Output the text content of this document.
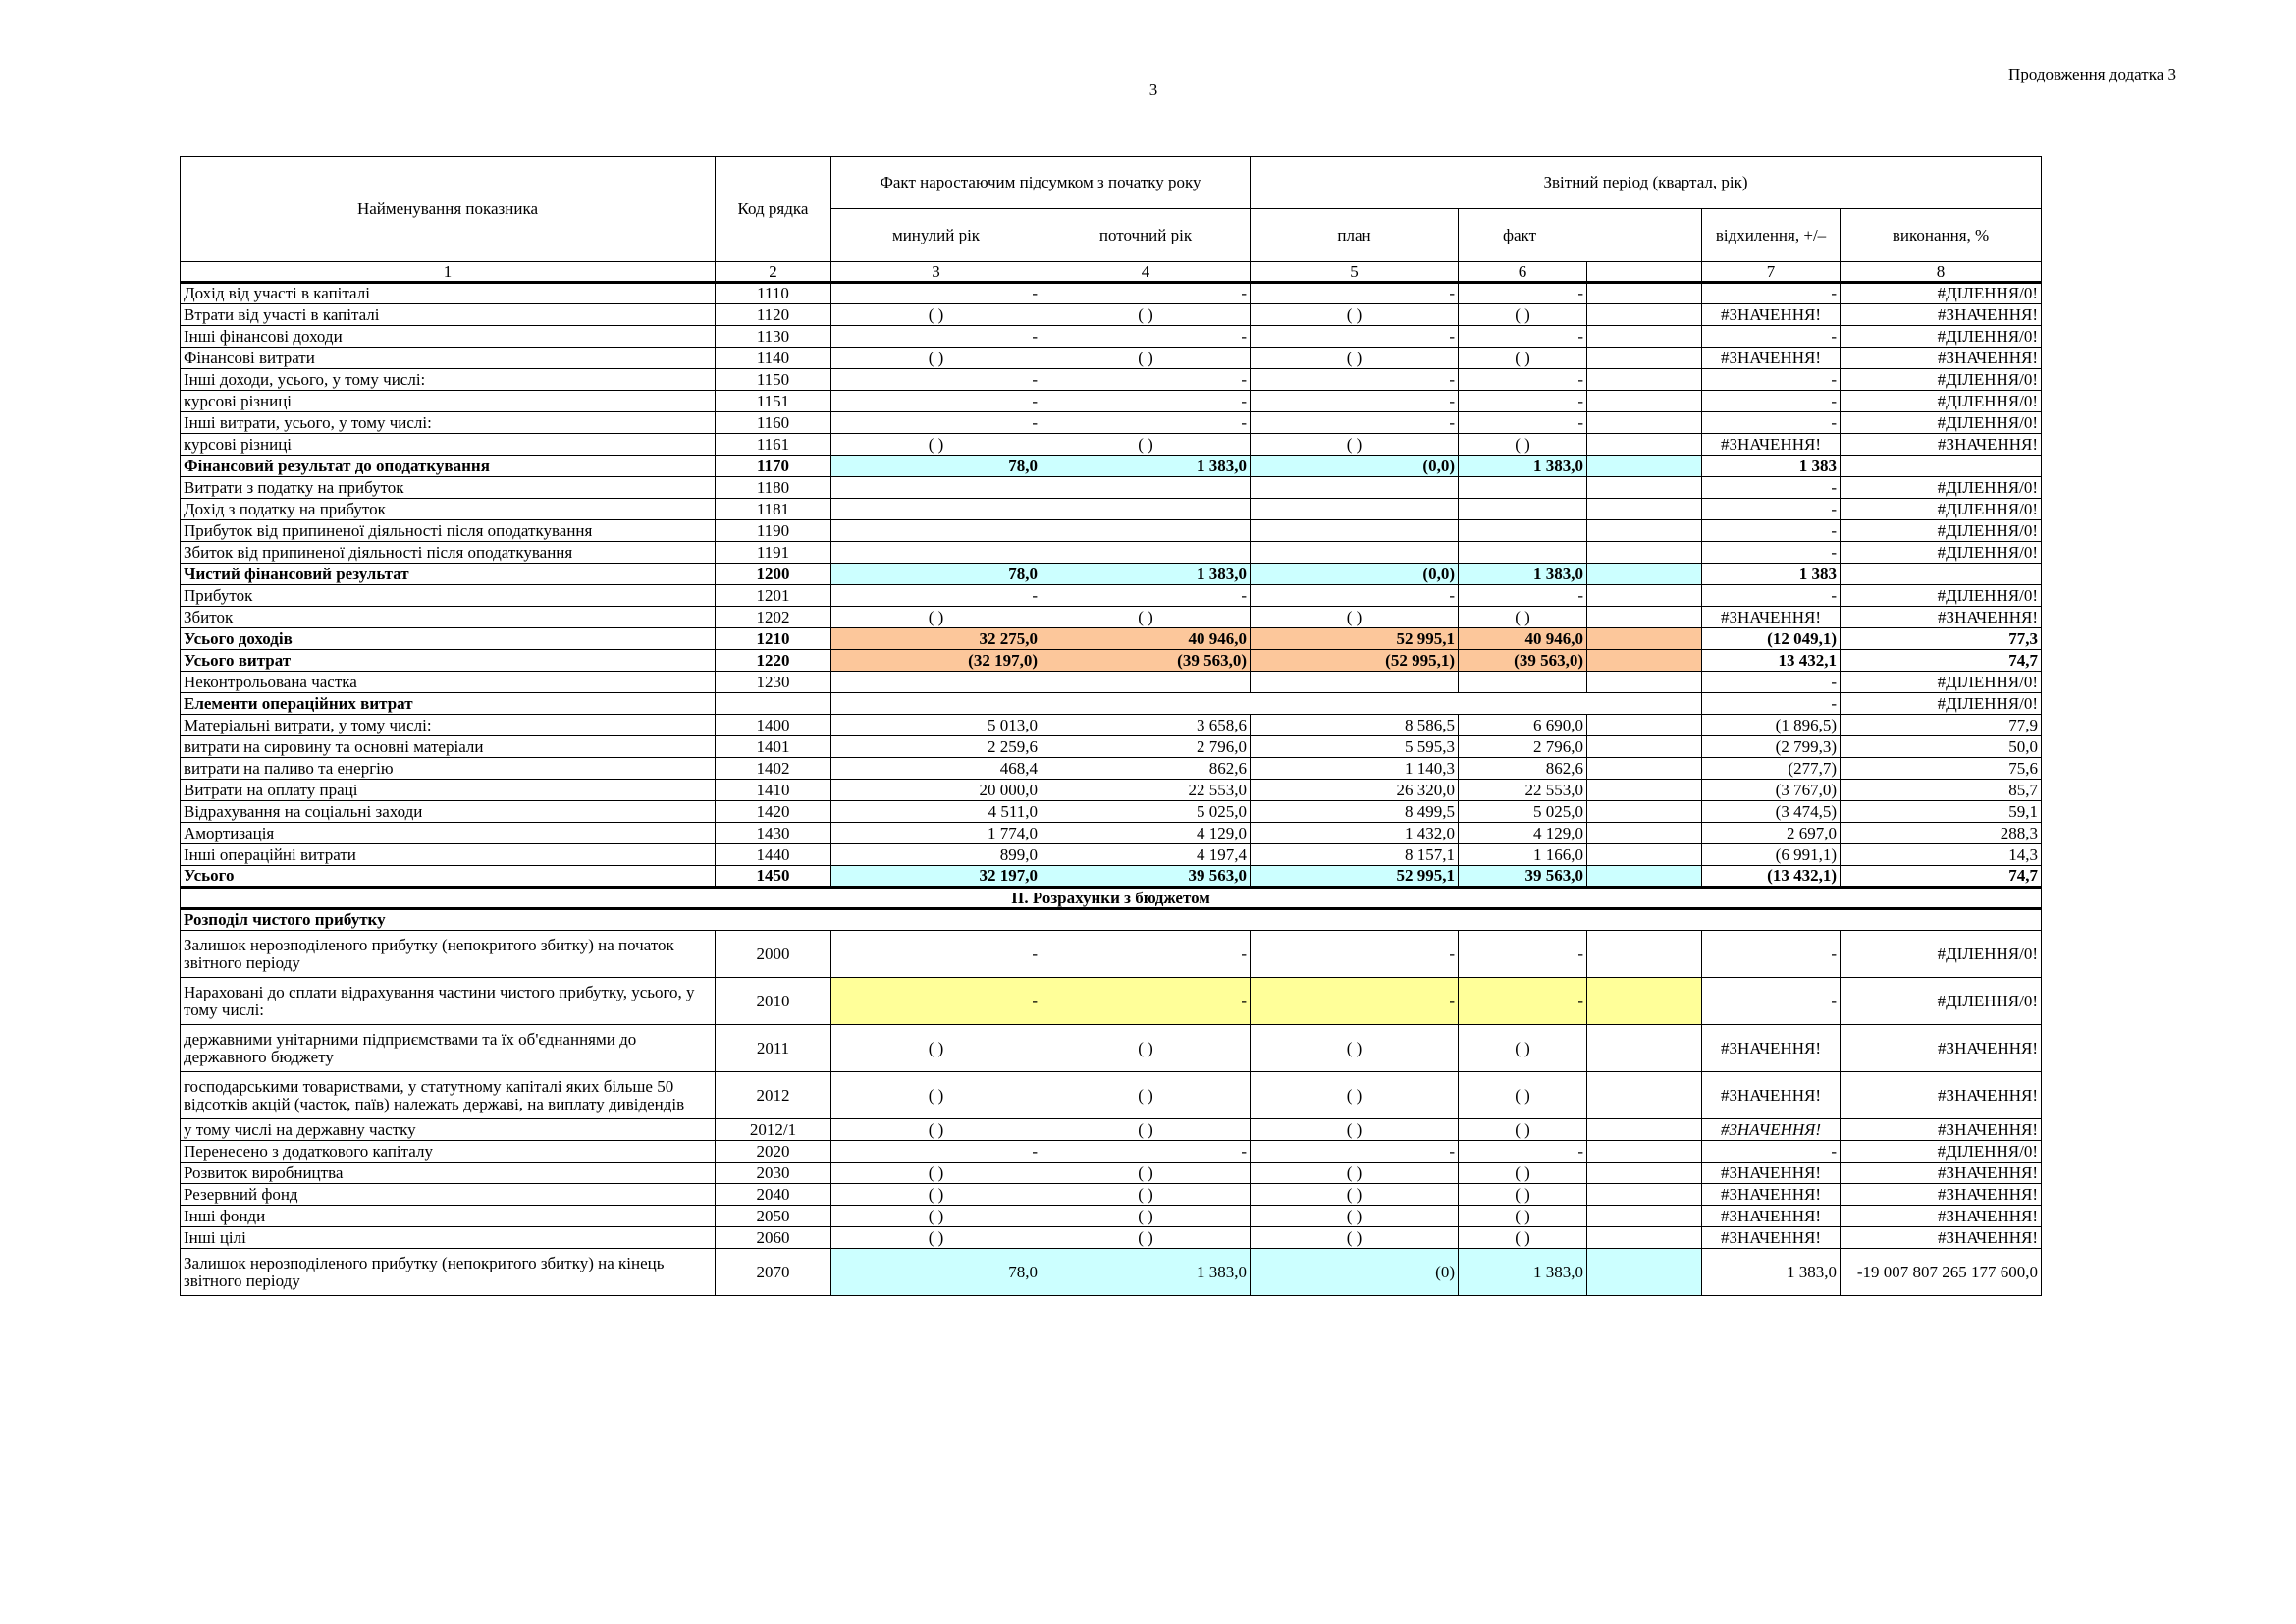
3
Продовження додатка 3
Найменування показника	Код рядка	Факт наростаючим підсумком з початку року		Звітний період (квартал, рік)				
		минулий рік	поточний рік	план	факт		відхилення, +/–	виконання, %
1	2	3	4	5	6		7	8
Дохід від участі в капіталі	1110	-	-	-	-		-	#ДІЛЕННЯ/0!
Втрати від участі в капіталі	1120	( )	( )	( )	( )		#ЗНАЧЕННЯ!	#ЗНАЧЕННЯ!
Інші фінансові доходи	1130	-	-	-	-		-	#ДІЛЕННЯ/0!
Фінансові витрати	1140	( )	( )	( )	( )		#ЗНАЧЕННЯ!	#ЗНАЧЕННЯ!
Інші доходи, усього, у тому числі:	1150	-	-	-	-		-	#ДІЛЕННЯ/0!
курсові різниці	1151	-	-	-	-		-	#ДІЛЕННЯ/0!
Інші витрати, усього, у тому числі:	1160	-	-	-	-		-	#ДІЛЕННЯ/0!
курсові різниці	1161	( )	( )	( )	( )		#ЗНАЧЕННЯ!	#ЗНАЧЕННЯ!
Фінансовий результат до оподаткування	1170	78,0	1 383,0	(0,0)	1 383,0		1 383	
Витрати з податку на прибуток	1180						-	#ДІЛЕННЯ/0!
Дохід з податку на прибуток	1181						-	#ДІЛЕННЯ/0!
Прибуток від припиненої діяльності після оподаткування	1190						-	#ДІЛЕННЯ/0!
Збиток від припиненої діяльності після оподаткування	1191						-	#ДІЛЕННЯ/0!
Чистий фінансовий результат	1200	78,0	1 383,0	(0,0)	1 383,0		1 383	
Прибуток	1201	-	-	-	-		-	#ДІЛЕННЯ/0!
Збиток	1202	( )	( )	( )	( )		#ЗНАЧЕННЯ!	#ЗНАЧЕННЯ!
Усього доходів	1210	32 275,0	40 946,0	52 995,1	40 946,0		(12 049,1)	77,3
Усього витрат	1220	(32 197,0)	(39 563,0)	(52 995,1)	(39 563,0)		13 432,1	74,7
Неконтрольована частка	1230						-	#ДІЛЕННЯ/0!
Елементи операційних витрат							-	#ДІЛЕННЯ/0!
Матеріальні витрати, у тому числі:	1400	5 013,0	3 658,6	8 586,5	6 690,0		(1 896,5)	77,9
витрати на сировину та основні матеріали	1401	2 259,6	2 796,0	5 595,3	2 796,0		(2 799,3)	50,0
витрати на паливо та енергію	1402	468,4	862,6	1 140,3	862,6		(277,7)	75,6
Витрати на оплату праці	1410	20 000,0	22 553,0	26 320,0	22 553,0		(3 767,0)	85,7
Відрахування на соціальні заходи	1420	4 511,0	5 025,0	8 499,5	5 025,0		(3 474,5)	59,1
Амортизація	1430	1 774,0	4 129,0	1 432,0	4 129,0		2 697,0	288,3
Інші операційні витрати	1440	899,0	4 197,4	8 157,1	1 166,0		(6 991,1)	14,3
Усього	1450	32 197,0	39 563,0	52 995,1	39 563,0		(13 432,1)	74,7
II. Розрахунки з бюджетом								
Розподіл чистого прибутку								
Залишок нерозподіленого прибутку (непокритого збитку) на початок звітного періоду	2000	-	-	-	-		-	#ДІЛЕННЯ/0!
Нараховані до сплати відрахування частини чистого прибутку, усього, у тому числі:	2010	-	-	-	-		-	#ДІЛЕННЯ/0!
державними унітарними підприємствами та їх об'єднаннями до державного бюджету	2011	( )	( )	( )	( )		#ЗНАЧЕННЯ!	#ЗНАЧЕННЯ!
господарськими товариствами, у статутному капіталі яких більше 50 відсотків акцій (часток, паїв) належать державі, на виплату дивідендів	2012	( )	( )	( )	( )		#ЗНАЧЕННЯ!	#ЗНАЧЕННЯ!
у тому числі на державну частку	2012/1	( )	( )	( )	( )		#ЗНАЧЕННЯ!	#ЗНАЧЕННЯ!
Перенесено з додаткового капіталу	2020	-	-	-	-		-	#ДІЛЕННЯ/0!
Розвиток виробництва	2030	( )	( )	( )	( )		#ЗНАЧЕННЯ!	#ЗНАЧЕННЯ!
Резервний фонд	2040	( )	( )	( )	( )		#ЗНАЧЕННЯ!	#ЗНАЧЕННЯ!
Інші фонди	2050	( )	( )	( )	( )		#ЗНАЧЕННЯ!	#ЗНАЧЕННЯ!
Інші цілі	2060	( )	( )	( )	( )		#ЗНАЧЕННЯ!	#ЗНАЧЕННЯ!
Залишок нерозподіленого прибутку (непокритого збитку) на кінець звітного періоду	2070	78,0	1 383,0	(0)	1 383,0		1 383,0	-19 007 807 265 177 600,0
